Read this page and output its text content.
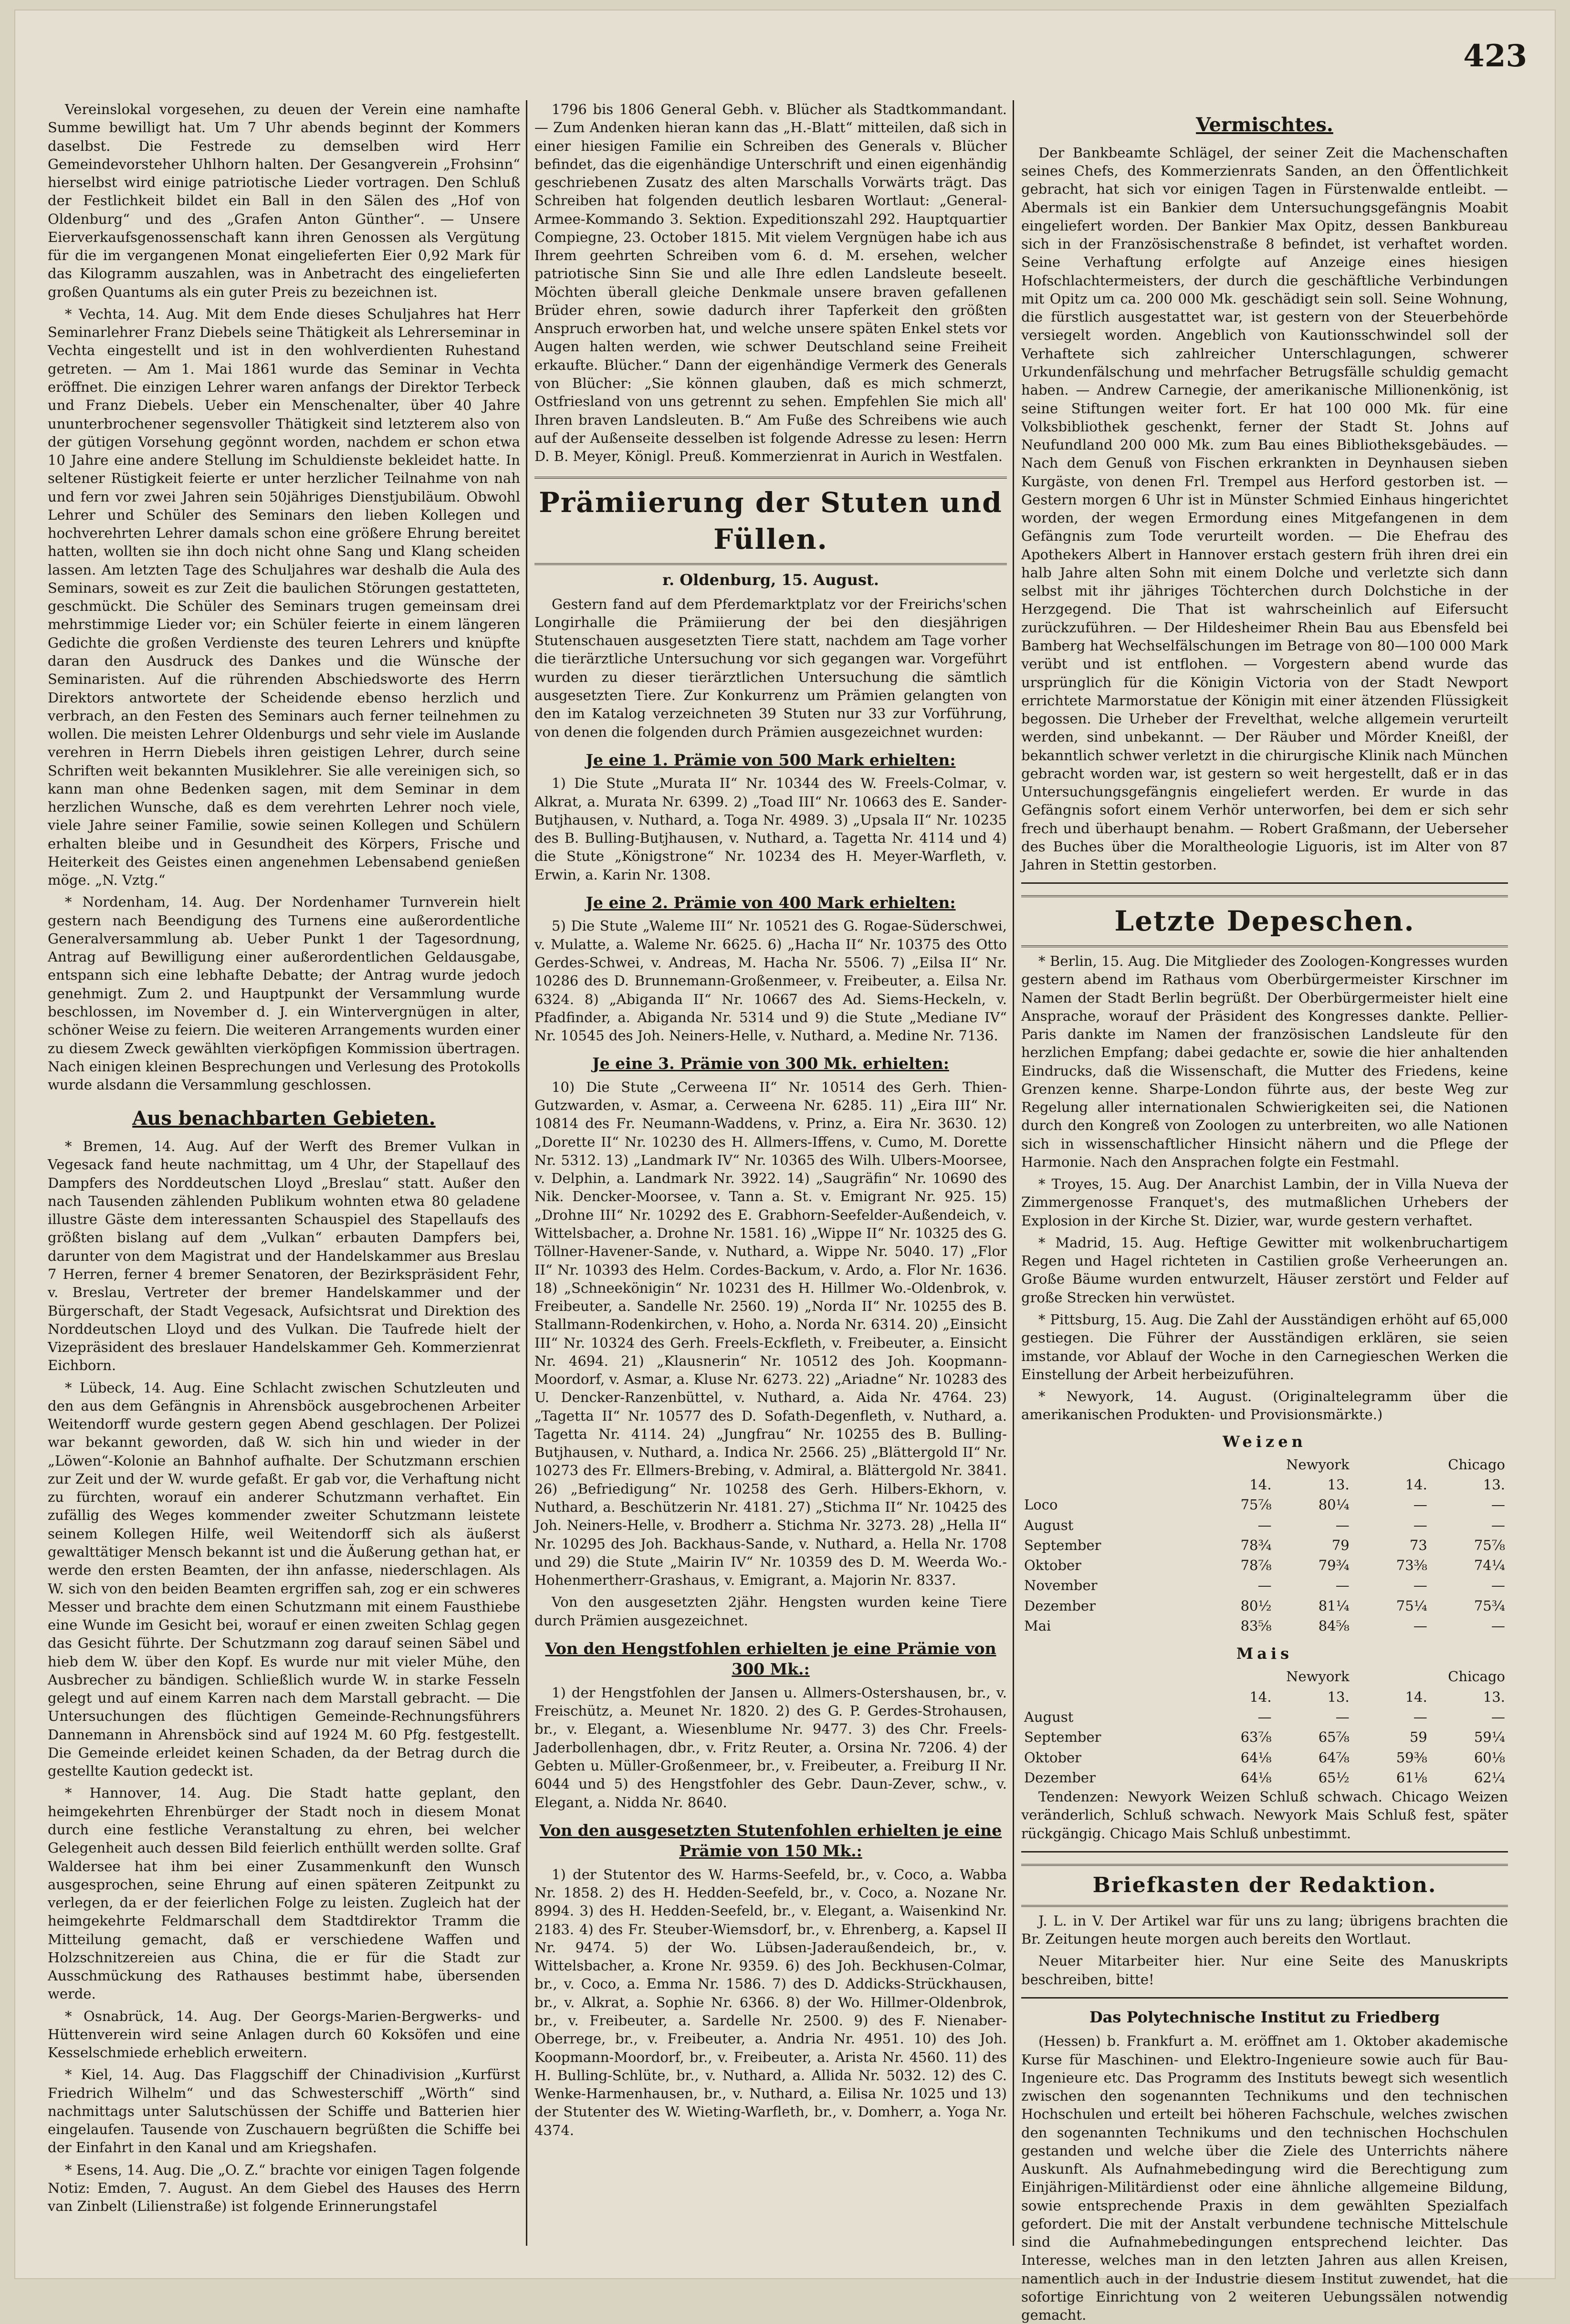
423

Vereinslokal vorgesehen, zu deuen der Verein eine namhafte Summe bewilligt hat. Um 7 Uhr abends beginnt der Kommers daselbst. Die Festrede zu demselben wird Herr Gemeindevorsteher Uhlhorn halten. Der Gesangverein „Frohsinn“ hierselbst wird einige patriotische Lieder vortragen. Den Schluß der Festlichkeit bildet ein Ball in den Sälen des „Hof von Oldenburg“ und des „Grafen Anton Günther“. — Unsere Eierverkaufsgenossenschaft kann ihren Genossen als Vergütung für die im vergangenen Monat eingelieferten Eier 0,92 Mark für das Kilogramm auszahlen, was in Anbetracht des eingelieferten großen Quantums als ein guter Preis zu bezeichnen ist.

* Vechta, 14. Aug. Mit dem Ende dieses Schuljahres hat Herr Seminarlehrer Franz Diebels seine Thätigkeit als Lehrerseminar in Vechta eingestellt und ist in den wohlverdienten Ruhestand getreten. — Am 1. Mai 1861 wurde das Seminar in Vechta eröffnet. Die einzigen Lehrer waren anfangs der Direktor Terbeck und Franz Diebels. Ueber ein Menschenalter, über 40 Jahre ununterbrochener segensvoller Thätigkeit sind letzterem also von der gütigen Vorsehung gegönnt worden, nachdem er schon etwa 10 Jahre eine andere Stellung im Schuldienste bekleidet hatte. In seltener Rüstigkeit feierte er unter herzlicher Teilnahme von nah und fern vor zwei Jahren sein 50jähriges Dienstjubiläum. Obwohl Lehrer und Schüler des Seminars den lieben Kollegen und hochverehrten Lehrer damals schon eine größere Ehrung bereitet hatten, wollten sie ihn doch nicht ohne Sang und Klang scheiden lassen. Am letzten Tage des Schuljahres war deshalb die Aula des Seminars, soweit es zur Zeit die baulichen Störungen gestatteten, geschmückt. Die Schüler des Seminars trugen gemeinsam drei mehrstimmige Lieder vor; ein Schüler feierte in einem längeren Gedichte die großen Verdienste des teuren Lehrers und knüpfte daran den Ausdruck des Dankes und die Wünsche der Seminaristen. Auf die rührenden Abschiedsworte des Herrn Direktors antwortete der Scheidende ebenso herzlich und verbrach, an den Festen des Seminars auch ferner teilnehmen zu wollen. Die meisten Lehrer Oldenburgs und sehr viele im Auslande verehren in Herrn Diebels ihren geistigen Lehrer, durch seine Schriften weit bekannten Musiklehrer. Sie alle vereinigen sich, so kann man ohne Bedenken sagen, mit dem Seminar in dem herzlichen Wunsche, daß es dem verehrten Lehrer noch viele, viele Jahre seiner Familie, sowie seinen Kollegen und Schülern erhalten bleibe und in Gesundheit des Körpers, Frische und Heiterkeit des Geistes einen angenehmen Lebensabend genießen möge. „N. Vztg.“

* Nordenham, 14. Aug. Der Nordenhamer Turnverein hielt gestern nach Beendigung des Turnens eine außerordentliche Generalversammlung ab. Ueber Punkt 1 der Tagesordnung, Antrag auf Bewilligung einer außerordentlichen Geldausgabe, entspann sich eine lebhafte Debatte; der Antrag wurde jedoch genehmigt. Zum 2. und Hauptpunkt der Versammlung wurde beschlossen, im November d. J. ein Wintervergnügen in alter, schöner Weise zu feiern. Die weiteren Arrangements wurden einer zu diesem Zweck gewählten vierköpfigen Kommission übertragen. Nach einigen kleinen Besprechungen und Verlesung des Protokolls wurde alsdann die Versammlung geschlossen.

Aus benachbarten Gebieten.

* Bremen, 14. Aug. Auf der Werft des Bremer Vulkan in Vegesack fand heute nachmittag, um 4 Uhr, der Stapellauf des Dampfers des Norddeutschen Lloyd „Breslau“ statt. Außer den nach Tausenden zählenden Publikum wohnten etwa 80 geladene illustre Gäste dem interessanten Schauspiel des Stapellaufs des größten bislang auf dem „Vulkan“ erbauten Dampfers bei, darunter von dem Magistrat und der Handelskammer aus Breslau 7 Herren, ferner 4 bremer Senatoren, der Bezirkspräsident Fehr, v. Breslau, Vertreter der bremer Handelskammer und der Bürgerschaft, der Stadt Vegesack, Aufsichtsrat und Direktion des Norddeutschen Lloyd und des Vulkan. Die Taufrede hielt der Vizepräsident des breslauer Handelskammer Geh. Kommerzienrat Eichborn.

* Lübeck, 14. Aug. Eine Schlacht zwischen Schutzleuten und den aus dem Gefängnis in Ahrensböck ausgebrochenen Arbeiter Weitendorff wurde gestern gegen Abend geschlagen. Der Polizei war bekannt geworden, daß W. sich hin und wieder in der „Löwen“-Kolonie an Bahnhof aufhalte. Der Schutzmann erschien zur Zeit und der W. wurde gefaßt. Er gab vor, die Verhaftung nicht zu fürchten, worauf ein anderer Schutzmann verhaftet. Ein zufällig des Weges kommender zweiter Schutzmann leistete seinem Kollegen Hilfe, weil Weitendorff sich als äußerst gewalttätiger Mensch bekannt ist und die Äußerung gethan hat, er werde den ersten Beamten, der ihn anfasse, niederschlagen. Als W. sich von den beiden Beamten ergriffen sah, zog er ein schweres Messer und brachte dem einen Schutzmann mit einem Fausthiebe eine Wunde im Gesicht bei, worauf er einen zweiten Schlag gegen das Gesicht führte. Der Schutzmann zog darauf seinen Säbel und hieb dem W. über den Kopf. Es wurde nur mit vieler Mühe, den Ausbrecher zu bändigen. Schließlich wurde W. in starke Fesseln gelegt und auf einem Karren nach dem Marstall gebracht. — Die Untersuchungen des flüchtigen Gemeinde-Rechnungsführers Dannemann in Ahrensböck sind auf 1924 M. 60 Pfg. festgestellt. Die Gemeinde erleidet keinen Schaden, da der Betrag durch die gestellte Kaution gedeckt ist.

* Hannover, 14. Aug. Die Stadt hatte geplant, den heimgekehrten Ehrenbürger der Stadt noch in diesem Monat durch eine festliche Veranstaltung zu ehren, bei welcher Gelegenheit auch dessen Bild feierlich enthüllt werden sollte. Graf Waldersee hat ihm bei einer Zusammenkunft den Wunsch ausgesprochen, seine Ehrung auf einen späteren Zeitpunkt zu verlegen, da er der feierlichen Folge zu leisten. Zugleich hat der heimgekehrte Feldmarschall dem Stadtdirektor Tramm die Mitteilung gemacht, daß er verschiedene Waffen und Holzschnitzereien aus China, die er für die Stadt zur Ausschmückung des Rathauses bestimmt habe, übersenden werde.

* Osnabrück, 14. Aug. Der Georgs-Marien-Bergwerks- und Hüttenverein wird seine Anlagen durch 60 Koksöfen und eine Kesselschmiede erheblich erweitern.

* Kiel, 14. Aug. Das Flaggschiff der Chinadivision „Kurfürst Friedrich Wilhelm“ und das Schwesterschiff „Wörth“ sind nachmittags unter Salutschüssen der Schiffe und Batterien hier eingelaufen. Tausende von Zuschauern begrüßten die Schiffe bei der Einfahrt in den Kanal und am Kriegshafen.

* Esens, 14. Aug. Die „O. Z.“ brachte vor einigen Tagen folgende Notiz: Emden, 7. August. An dem Giebel des Hauses des Herrn van Zinbelt (Lilienstraße) ist folgende Erinnerungstafel

1796 bis 1806 General Gebh. v. Blücher als Stadtkommandant. — Zum Andenken hieran kann das „H.-Blatt“ mitteilen, daß sich in einer hiesigen Familie ein Schreiben des Generals v. Blücher befindet, das die eigenhändige Unterschrift und einen eigenhändig geschriebenen Zusatz des alten Marschalls Vorwärts trägt. Das Schreiben hat folgenden deutlich lesbaren Wortlaut: „General-Armee-Kommando 3. Sektion. Expeditionszahl 292. Hauptquartier Compiegne, 23. October 1815. Mit vielem Vergnügen habe ich aus Ihrem geehrten Schreiben vom 6. d. M. ersehen, welcher patriotische Sinn Sie und alle Ihre edlen Landsleute beseelt. Möchten überall gleiche Denkmale unsere braven gefallenen Brüder ehren, sowie dadurch ihrer Tapferkeit den größten Anspruch erworben hat, und welche unsere späten Enkel stets vor Augen halten werden, wie schwer Deutschland seine Freiheit erkaufte. Blücher.“ Dann der eigenhändige Vermerk des Generals von Blücher: „Sie können glauben, daß es mich schmerzt, Ostfriesland von uns getrennt zu sehen. Empfehlen Sie mich all' Ihren braven Landsleuten. B.“ Am Fuße des Schreibens wie auch auf der Außenseite desselben ist folgende Adresse zu lesen: Herrn D. B. Meyer, Königl. Preuß. Kommerzienrat in Aurich in Westfalen.

Prämiierung der Stuten und Füllen.
r. Oldenburg, 15. August.

Gestern fand auf dem Pferdemarktplatz vor der Freirichs'schen Longirhalle die Prämiierung der bei den diesjährigen Stutenschauen ausgesetzten Tiere statt, nachdem am Tage vorher die tierärztliche Untersuchung vor sich gegangen war. Vorgeführt wurden zu dieser tierärztlichen Untersuchung die sämtlich ausgesetzten Tiere. Zur Konkurrenz um Prämien gelangten von den im Katalog verzeichneten 39 Stuten nur 33 zur Vorführung, von denen die folgenden durch Prämien ausgezeichnet wurden:

Je eine 1. Prämie von 500 Mark erhielten:

1) Die Stute „Murata II“ Nr. 10344 des W. Freels-Colmar, v. Alkrat, a. Murata Nr. 6399. 2) „Toad III“ Nr. 10663 des E. Sander-Butjhausen, v. Nuthard, a. Toga Nr. 4989. 3) „Upsala II“ Nr. 10235 des B. Bulling-Butjhausen, v. Nuthard, a. Tagetta Nr. 4114 und 4) die Stute „Königstrone“ Nr. 10234 des H. Meyer-Warfleth, v. Erwin, a. Karin Nr. 1308.

Je eine 2. Prämie von 400 Mark erhielten:

5) Die Stute „Waleme III“ Nr. 10521 des G. Rogae-Süderschwei, v. Mulatte, a. Waleme Nr. 6625. 6) „Hacha II“ Nr. 10375 des Otto Gerdes-Schwei, v. Andreas, M. Hacha Nr. 5506. 7) „Eilsa II“ Nr. 10286 des D. Brunnemann-Großenmeer, v. Freibeuter, a. Eilsa Nr. 6324. 8) „Abiganda II“ Nr. 10667 des Ad. Siems-Heckeln, v. Pfadfinder, a. Abiganda Nr. 5314 und 9) die Stute „Mediane IV“ Nr. 10545 des Joh. Neiners-Helle, v. Nuthard, a. Medine Nr. 7136.

Je eine 3. Prämie von 300 Mk. erhielten:

10) Die Stute „Cerweena II“ Nr. 10514 des Gerh. Thien-Gutzwarden, v. Asmar, a. Cerweena Nr. 6285. 11) „Eira III“ Nr. 10814 des Fr. Neumann-Waddens, v. Prinz, a. Eira Nr. 3630. 12) „Dorette II“ Nr. 10230 des H. Allmers-Iffens, v. Cumo, M. Dorette Nr. 5312. 13) „Landmark IV“ Nr. 10365 des Wilh. Ulbers-Moorsee, v. Delphin, a. Landmark Nr. 3922. 14) „Saugräfin“ Nr. 10690 des Nik. Dencker-Moorsee, v. Tann a. St. v. Emigrant Nr. 925. 15) „Drohne III“ Nr. 10292 des E. Grabhorn-Seefelder-Außendeich, v. Wittelsbacher, a. Drohne Nr. 1581. 16) „Wippe II“ Nr. 10325 des G. Töllner-Havener-Sande, v. Nuthard, a. Wippe Nr. 5040. 17) „Flor II“ Nr. 10393 des Helm. Cordes-Backum, v. Ardo, a. Flor Nr. 1636. 18) „Schneekönigin“ Nr. 10231 des H. Hillmer Wo.-Oldenbrok, v. Freibeuter, a. Sandelle Nr. 2560. 19) „Norda II“ Nr. 10255 des B. Stallmann-Rodenkirchen, v. Hoho, a. Norda Nr. 6314. 20) „Einsicht III“ Nr. 10324 des Gerh. Freels-Eckfleth, v. Freibeuter, a. Einsicht Nr. 4694. 21) „Klausnerin“ Nr. 10512 des Joh. Koopmann-Moordorf, v. Asmar, a. Kluse Nr. 6273. 22) „Ariadne“ Nr. 10283 des U. Dencker-Ranzenbüttel, v. Nuthard, a. Aida Nr. 4764. 23) „Tagetta II“ Nr. 10577 des D. Sofath-Degenfleth, v. Nuthard, a. Tagetta Nr. 4114. 24) „Jungfrau“ Nr. 10255 des B. Bulling-Butjhausen, v. Nuthard, a. Indica Nr. 2566. 25) „Blättergold II“ Nr. 10273 des Fr. Ellmers-Brebing, v. Admiral, a. Blättergold Nr. 3841. 26) „Befriedigung“ Nr. 10258 des Gerh. Hilbers-Ekhorn, v. Nuthard, a. Beschützerin Nr. 4181. 27) „Stichma II“ Nr. 10425 des Joh. Neiners-Helle, v. Brodherr a. Stichma Nr. 3273. 28) „Hella II“ Nr. 10295 des Joh. Backhaus-Sande, v. Nuthard, a. Hella Nr. 1708 und 29) die Stute „Mairin IV“ Nr. 10359 des D. M. Weerda Wo.-Hohenmertherr-Grashaus, v. Emigrant, a. Majorin Nr. 8337.

Von den ausgesetzten 2jähr. Hengsten wurden keine Tiere durch Prämien ausgezeichnet.

Von den Hengstfohlen erhielten je eine Prämie von 300 Mk.:

1) der Hengstfohlen der Jansen u. Allmers-Ostershausen, br., v. Freischütz, a. Meunet Nr. 1820. 2) des G. P. Gerdes-Strohausen, br., v. Elegant, a. Wiesenblume Nr. 9477. 3) des Chr. Freels-Jaderbollenhagen, dbr., v. Fritz Reuter, a. Orsina Nr. 7206. 4) der Gebten u. Müller-Großenmeer, br., v. Freibeuter, a. Freiburg II Nr. 6044 und 5) des Hengstfohler des Gebr. Daun-Zever, schw., v. Elegant, a. Nidda Nr. 8640.

Von den ausgesetzten Stutenfohlen erhielten je eine Prämie von 150 Mk.:

1) der Stutentor des W. Harms-Seefeld, br., v. Coco, a. Wabba Nr. 1858. 2) des H. Hedden-Seefeld, br., v. Coco, a. Nozane Nr. 8994. 3) des H. Hedden-Seefeld, br., v. Elegant, a. Waisenkind Nr. 2183. 4) des Fr. Steuber-Wiemsdorf, br., v. Ehrenberg, a. Kapsel II Nr. 9474. 5) der Wo. Lübsen-Jaderaußendeich, br., v. Wittelsbacher, a. Krone Nr. 9359. 6) des Joh. Beckhusen-Colmar, br., v. Coco, a. Emma Nr. 1586. 7) des D. Addicks-Strückhausen, br., v. Alkrat, a. Sophie Nr. 6366. 8) der Wo. Hillmer-Oldenbrok, br., v. Freibeuter, a. Sardelle Nr. 2500. 9) des F. Nienaber-Oberrege, br., v. Freibeuter, a. Andria Nr. 4951. 10) des Joh. Koopmann-Moordorf, br., v. Freibeuter, a. Arista Nr. 4560. 11) des H. Bulling-Schlüte, br., v. Nuthard, a. Allida Nr. 5032. 12) des C. Wenke-Harmenhausen, br., v. Nuthard, a. Eilisa Nr. 1025 und 13) der Stutenter des W. Wieting-Warfleth, br., v. Domherr, a. Yoga Nr. 4374.

Vermischtes.

Der Bankbeamte Schlägel, der seiner Zeit die Machenschaften seines Chefs, des Kommerzienrats Sanden, an den Öffentlichkeit gebracht, hat sich vor einigen Tagen in Fürstenwalde entleibt. — Abermals ist ein Bankier dem Untersuchungsgefängnis Moabit eingeliefert worden. Der Bankier Max Opitz, dessen Bankbureau sich in der Französischenstraße 8 befindet, ist verhaftet worden. Seine Verhaftung erfolgte auf Anzeige eines hiesigen Hofschlachtermeisters, der durch die geschäftliche Verbindungen mit Opitz um ca. 200 000 Mk. geschädigt sein soll. Seine Wohnung, die fürstlich ausgestattet war, ist gestern von der Steuerbehörde versiegelt worden. Angeblich von Kautionsschwindel soll der Verhaftete sich zahlreicher Unterschlagungen, schwerer Urkundenfälschung und mehrfacher Betrugsfälle schuldig gemacht haben. — Andrew Carnegie, der amerikanische Millionenkönig, ist seine Stiftungen weiter fort. Er hat 100 000 Mk. für eine Volksbibliothek geschenkt, ferner der Stadt St. Johns auf Neufundland 200 000 Mk. zum Bau eines Bibliotheksgebäudes. — Nach dem Genuß von Fischen erkrankten in Deynhausen sieben Kurgäste, von denen Frl. Trempel aus Herford gestorben ist. — Gestern morgen 6 Uhr ist in Münster Schmied Einhaus hingerichtet worden, der wegen Ermordung eines Mitgefangenen in dem Gefängnis zum Tode verurteilt worden. — Die Ehefrau des Apothekers Albert in Hannover erstach gestern früh ihren drei ein halb Jahre alten Sohn mit einem Dolche und verletzte sich dann selbst mit ihr jähriges Töchterchen durch Dolchstiche in der Herzgegend. Die That ist wahrscheinlich auf Eifersucht zurückzuführen. — Der Hildesheimer Rhein Bau aus Ebensfeld bei Bamberg hat Wechselfälschungen im Betrage von 80—100 000 Mark verübt und ist entflohen. — Vorgestern abend wurde das ursprünglich für die Königin Victoria von der Stadt Newport errichtete Marmorstatue der Königin mit einer ätzenden Flüssigkeit begossen. Die Urheber der Frevelthat, welche allgemein verurteilt werden, sind unbekannt. — Der Räuber und Mörder Kneißl, der bekanntlich schwer verletzt in die chirurgische Klinik nach München gebracht worden war, ist gestern so weit hergestellt, daß er in das Untersuchungsgefängnis eingeliefert werden. Er wurde in das Gefängnis sofort einem Verhör unterworfen, bei dem er sich sehr frech und überhaupt benahm. — Robert Graßmann, der Ueberseher des Buches über die Moraltheologie Liguoris, ist im Alter von 87 Jahren in Stettin gestorben.

Letzte Depeschen.

* Berlin, 15. Aug. Die Mitglieder des Zoologen-Kongresses wurden gestern abend im Rathaus vom Oberbürgermeister Kirschner im Namen der Stadt Berlin begrüßt. Der Oberbürgermeister hielt eine Ansprache, worauf der Präsident des Kongresses dankte. Pellier-Paris dankte im Namen der französischen Landsleute für den herzlichen Empfang; dabei gedachte er, sowie die hier anhaltenden Eindrucks, daß die Wissenschaft, die Mutter des Friedens, keine Grenzen kenne. Sharpe-London führte aus, der beste Weg zur Regelung aller internationalen Schwierigkeiten sei, die Nationen durch den Kongreß von Zoologen zu unterbreiten, wo alle Nationen sich in wissenschaftlicher Hinsicht nähern und die Pflege der Harmonie. Nach den Ansprachen folgte ein Festmahl.

* Troyes, 15. Aug. Der Anarchist Lambin, der in Villa Nueva der Zimmergenosse Franquet's, des mutmaßlichen Urhebers der Explosion in der Kirche St. Dizier, war, wurde gestern verhaftet.

* Madrid, 15. Aug. Heftige Gewitter mit wolkenbruchartigem Regen und Hagel richteten in Castilien große Verheerungen an. Große Bäume wurden entwurzelt, Häuser zerstört und Felder auf große Strecken hin verwüstet.

* Pittsburg, 15. Aug. Die Zahl der Ausständigen erhöht auf 65,000 gestiegen. Die Führer der Ausständigen erklären, sie seien imstande, vor Ablauf der Woche in den Carnegieschen Werken die Einstellung der Arbeit herbeizuführen.

* Newyork, 14. August. (Originaltelegramm über die amerikanischen Produkten- und Provisionsmärkte.)

Weizen
	Newyork		Chicago	
	14.	13.	14.	13.
Loco	75⅞	80¼	—	—
August	—	—	—	—
September	78¾	79	73	75⅞
Oktober	78⅞	79¾	73⅜	74¼
November	—	—	—	—
Dezember	80½	81¼	75¼	75¾
Mai	83⅝	84⅝	—	—
Mais
	Newyork		Chicago	
	14.	13.	14.	13.
August	—	—	—	—
September	63⅞	65⅞	59	59¼
Oktober	64⅛	64⅞	59⅜	60⅛
Dezember	64⅛	65½	61⅛	62¼

Tendenzen: Newyork Weizen Schluß schwach. Chicago Weizen veränderlich, Schluß schwach. Newyork Mais Schluß fest, später rückgängig. Chicago Mais Schluß unbestimmt.

Briefkasten der Redaktion.

J. L. in V. Der Artikel war für uns zu lang; übrigens brachten die Br. Zeitungen heute morgen auch bereits den Wortlaut.

Neuer Mitarbeiter hier. Nur eine Seite des Manuskripts beschreiben, bitte!

Das Polytechnische Institut zu Friedberg

(Hessen) b. Frankfurt a. M. eröffnet am 1. Oktober akademische Kurse für Maschinen- und Elektro-Ingenieure sowie auch für Bau-Ingenieure etc. Das Programm des Instituts bewegt sich wesentlich zwischen den sogenannten Technikums und den technischen Hochschulen und erteilt bei höheren Fachschule, welches zwischen den sogenannten Technikums und den technischen Hochschulen gestanden und welche über die Ziele des Unterrichts nähere Auskunft. Als Aufnahmebedingung wird die Berechtigung zum Einjährigen-Militärdienst oder eine ähnliche allgemeine Bildung, sowie entsprechende Praxis in dem gewählten Spezialfach gefordert. Die mit der Anstalt verbundene technische Mittelschule sind die Aufnahmebedingungen entsprechend leichter. Das Interesse, welches man in den letzten Jahren aus allen Kreisen, namentlich auch in der Industrie diesem Institut zuwendet, hat die sofortige Einrichtung von 2 weiteren Uebungssälen notwendig gemacht.
